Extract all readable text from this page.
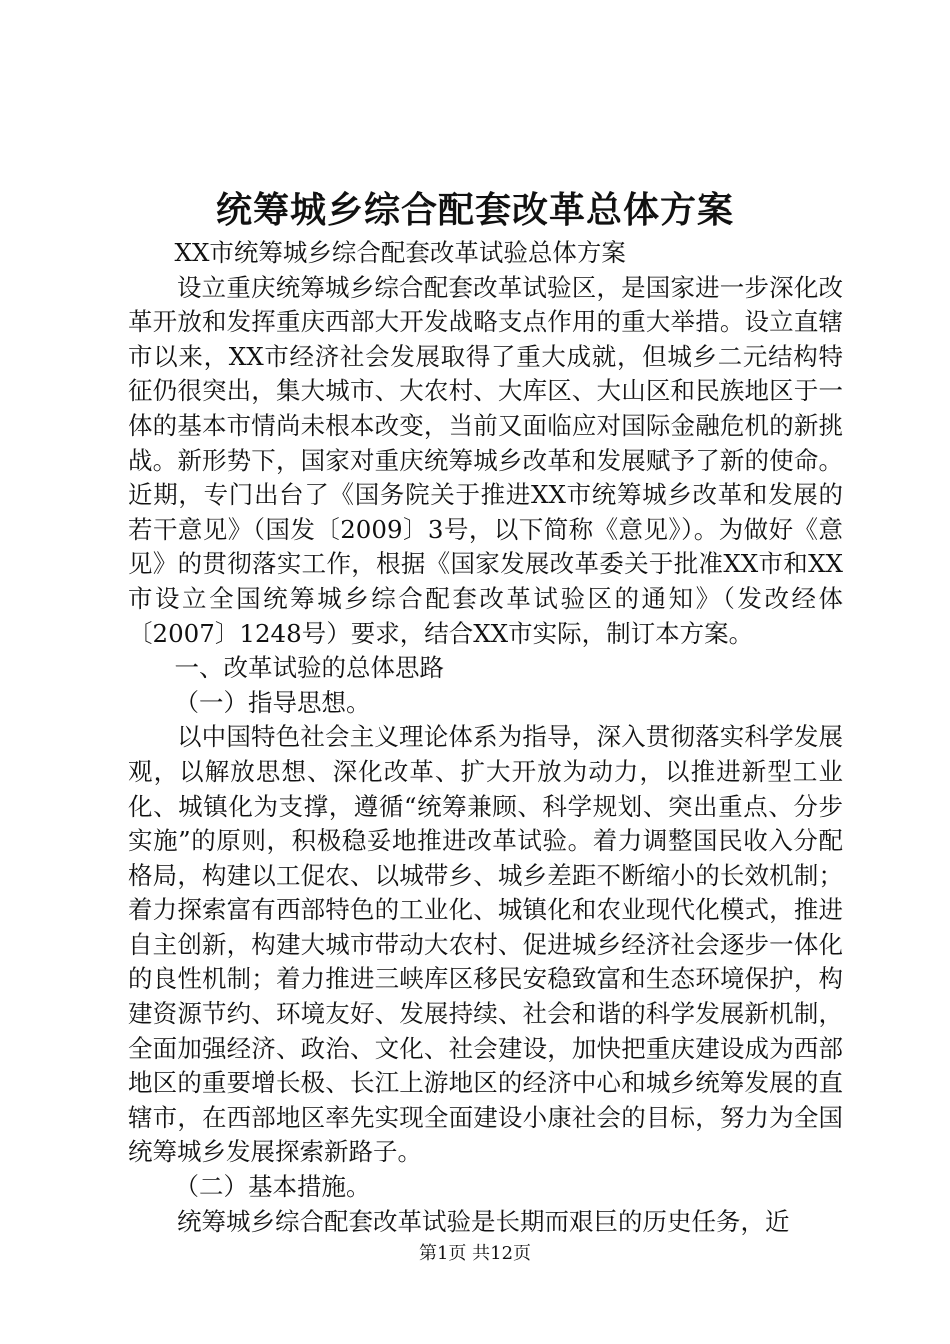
统筹城乡综合配套改革总体方案

XX市统筹城乡综合配套改革试验总体方案

设立重庆统筹城乡综合配套改革试验区，是国家进一步深化改革开放和发挥重庆西部大开发战略支点作用的重大举措。设立直辖市以来，XX市经济社会发展取得了重大成就，但城乡二元结构特征仍很突出，集大城市、大农村、大库区、大山区和民族地区于一体的基本市情尚未根本改变，当前又面临应对国际金融危机的新挑战。新形势下，国家对重庆统筹城乡改革和发展赋予了新的使命。近期，专门出台了《国务院关于推进XX市统筹城乡改革和发展的若干意见》（国发〔2009〕3号，以下简称《意见》）。为做好《意见》的贯彻落实工作，根据《国家发展改革委关于批准XX市和XX市设立全国统筹城乡综合配套改革试验区的通知》（发改经体〔2007〕1248号）要求，结合XX市实际，制订本方案。

一、改革试验的总体思路

（一）指导思想。

以中国特色社会主义理论体系为指导，深入贯彻落实科学发展观，以解放思想、深化改革、扩大开放为动力，以推进新型工业化、城镇化为支撑，遵循“统筹兼顾、科学规划、突出重点、分步实施”的原则，积极稳妥地推进改革试验。着力调整国民收入分配格局，构建以工促农、以城带乡、城乡差距不断缩小的长效机制；着力探索富有西部特色的工业化、城镇化和农业现代化模式，推进自主创新，构建大城市带动大农村、促进城乡经济社会逐步一体化的良性机制；着力推进三峡库区移民安稳致富和生态环境保护，构建资源节约、环境友好、发展持续、社会和谐的科学发展新机制，全面加强经济、政治、文化、社会建设，加快把重庆建设成为西部地区的重要增长极、长江上游地区的经济中心和城乡统筹发展的直辖市，在西部地区率先实现全面建设小康社会的目标，努力为全国统筹城乡发展探索新路子。

（二）基本措施。

统筹城乡综合配套改革试验是长期而艰巨的历史任务，近

第1页 共12页
